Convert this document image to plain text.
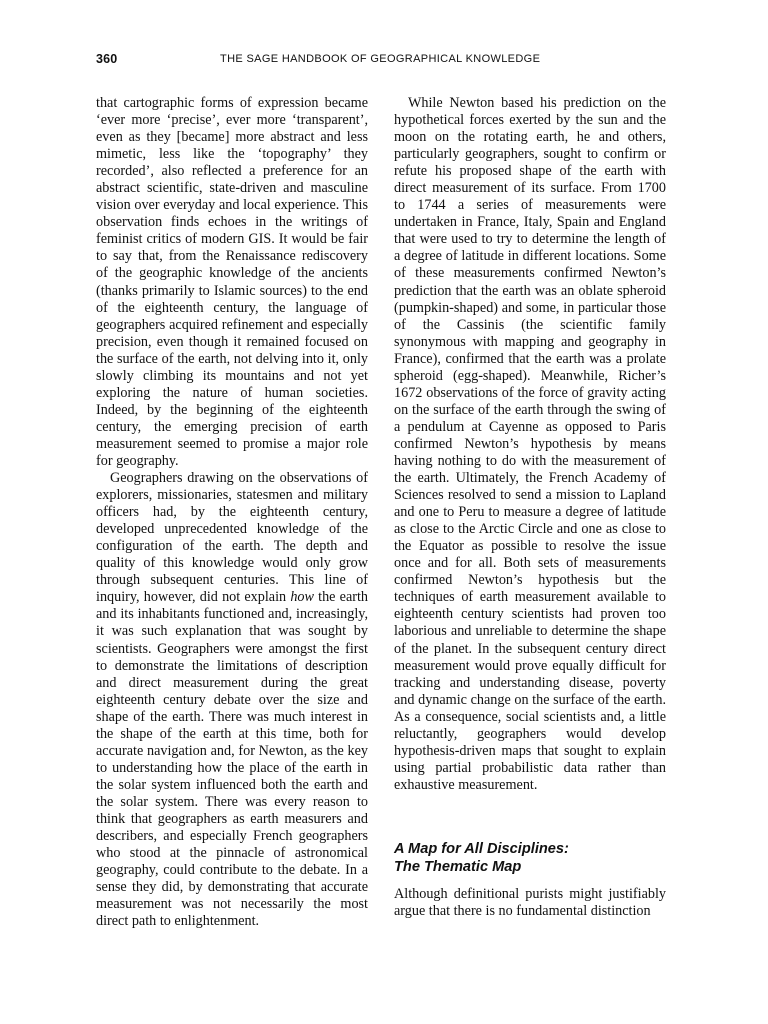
360	THE SAGE HANDBOOK OF GEOGRAPHICAL KNOWLEDGE

that cartographic forms of expression became ‘ever more ‘precise’, ever more ‘transparent’, even as they [became] more abstract and less mimetic, less like the ‘topography’ they recorded’, also reflected a preference for an abstract scientific, state-driven and masculine vision over everyday and local experience. This observation finds echoes in the writings of feminist critics of modern GIS. It would be fair to say that, from the Renaissance rediscovery of the geographic knowledge of the ancients (thanks primarily to Islamic sources) to the end of the eighteenth century, the language of geographers acquired refinement and especially precision, even though it remained focused on the surface of the earth, not delving into it, only slowly climbing its mountains and not yet exploring the nature of human societies. Indeed, by the beginning of the eighteenth century, the emerging precision of earth measurement seemed to promise a major role for geography.

Geographers drawing on the observations of explorers, missionaries, statesmen and military officers had, by the eighteenth century, developed unprecedented knowledge of the configuration of the earth. The depth and quality of this knowledge would only grow through subsequent centuries. This line of inquiry, however, did not explain how the earth and its inhabitants functioned and, increasingly, it was such explanation that was sought by scientists. Geographers were amongst the first to demonstrate the limitations of description and direct measurement during the great eighteenth century debate over the size and shape of the earth. There was much interest in the shape of the earth at this time, both for accurate navigation and, for Newton, as the key to understanding how the place of the earth in the solar system influenced both the earth and the solar system. There was every reason to think that geographers as earth measurers and describers, and especially French geographers who stood at the pinnacle of astronomical geography, could contribute to the debate. In a sense they did, by demonstrating that accurate measurement was not necessarily the most direct path to enlightenment.

While Newton based his prediction on the hypothetical forces exerted by the sun and the moon on the rotating earth, he and others, particularly geographers, sought to confirm or refute his proposed shape of the earth with direct measurement of its surface. From 1700 to 1744 a series of measurements were undertaken in France, Italy, Spain and England that were used to try to determine the length of a degree of latitude in different locations. Some of these measurements confirmed Newton’s prediction that the earth was an oblate spheroid (pumpkin-shaped) and some, in particular those of the Cassinis (the scientific family synonymous with mapping and geography in France), confirmed that the earth was a prolate spheroid (egg-shaped). Meanwhile, Richer’s 1672 observations of the force of gravity acting on the surface of the earth through the swing of a pendulum at Cayenne as opposed to Paris confirmed Newton’s hypothesis by means having nothing to do with the measurement of the earth. Ultimately, the French Academy of Sciences resolved to send a mission to Lapland and one to Peru to measure a degree of latitude as close to the Arctic Circle and one as close to the Equator as possible to resolve the issue once and for all. Both sets of measurements confirmed Newton’s hypothesis but the techniques of earth measurement available to eighteenth century scientists had proven too laborious and unreliable to determine the shape of the planet. In the subsequent century direct measurement would prove equally difficult for tracking and understanding disease, poverty and dynamic change on the surface of the earth. As a consequence, social scientists and, a little reluctantly, geographers would develop hypothesis-driven maps that sought to explain using partial probabilistic data rather than exhaustive measurement.

A Map for All Disciplines:
The Thematic Map

Although definitional purists might justifiably argue that there is no fundamental distinction
